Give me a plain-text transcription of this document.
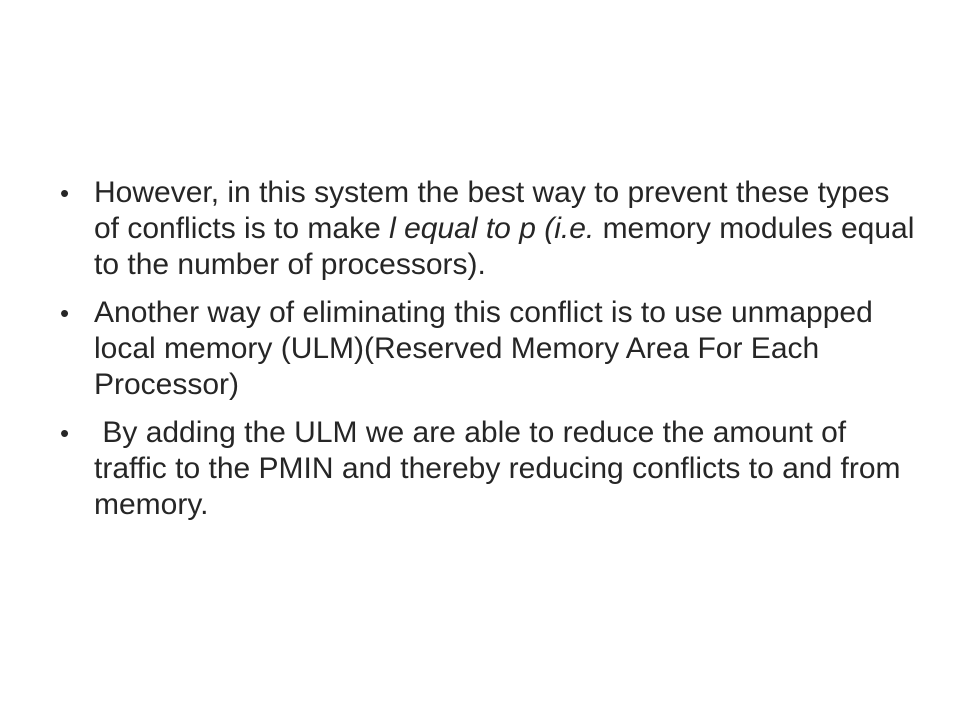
• However, in this system the best way to prevent these types of conflicts is to make l equal to p (i.e. memory modules equal to the number of processors).
• Another way of eliminating this conflict is to use unmapped local memory (ULM)(Reserved Memory Area For Each Processor)
• By adding the ULM we are able to reduce the amount of traffic to the PMIN and thereby reducing conflicts to and from memory.
